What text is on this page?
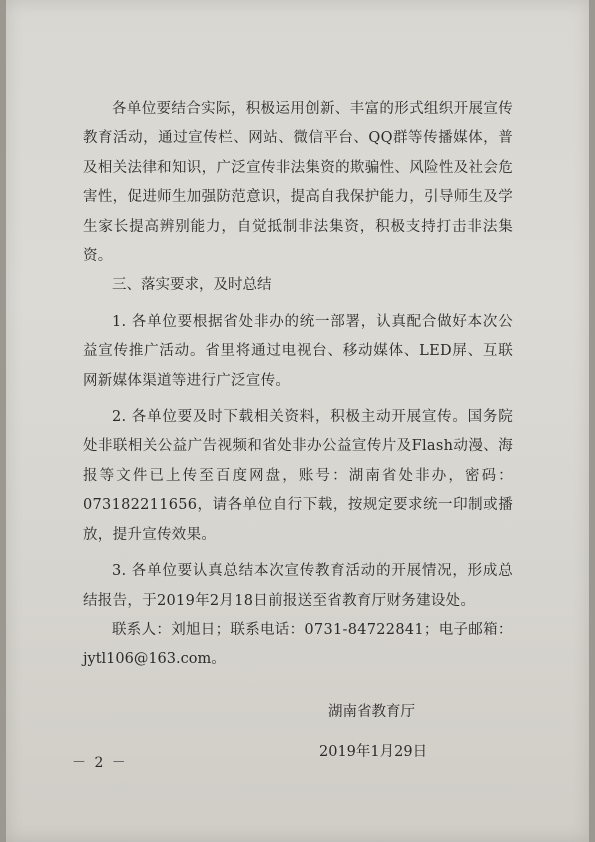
各单位要结合实际，积极运用创新、丰富的形式组织开展宣传教育活动，通过宣传栏、网站、微信平台、QQ群等传播媒体，普及相关法律和知识，广泛宣传非法集资的欺骗性、风险性及社会危害性，促进师生加强防范意识，提高自我保护能力，引导师生及学生家长提高辨别能力，自觉抵制非法集资，积极支持打击非法集资。

三、落实要求，及时总结

1. 各单位要根据省处非办的统一部署，认真配合做好本次公益宣传推广活动。省里将通过电视台、移动媒体、LED屏、互联网新媒体渠道等进行广泛宣传。

2. 各单位要及时下载相关资料，积极主动开展宣传。国务院处非联相关公益广告视频和省处非办公益宣传片及Flash动漫、海报等文件已上传至百度网盘，账号：湖南省处非办，密码：073182211656，请各单位自行下载，按规定要求统一印制或播放，提升宣传效果。

3. 各单位要认真总结本次宣传教育活动的开展情况，形成总结报告，于2019年2月18日前报送至省教育厅财务建设处。

联系人：刘旭日；联系电话：0731-84722841；电子邮箱：

jytl106@163.com。

湖南省教育厅
2019年1月29日
－ 2 －
